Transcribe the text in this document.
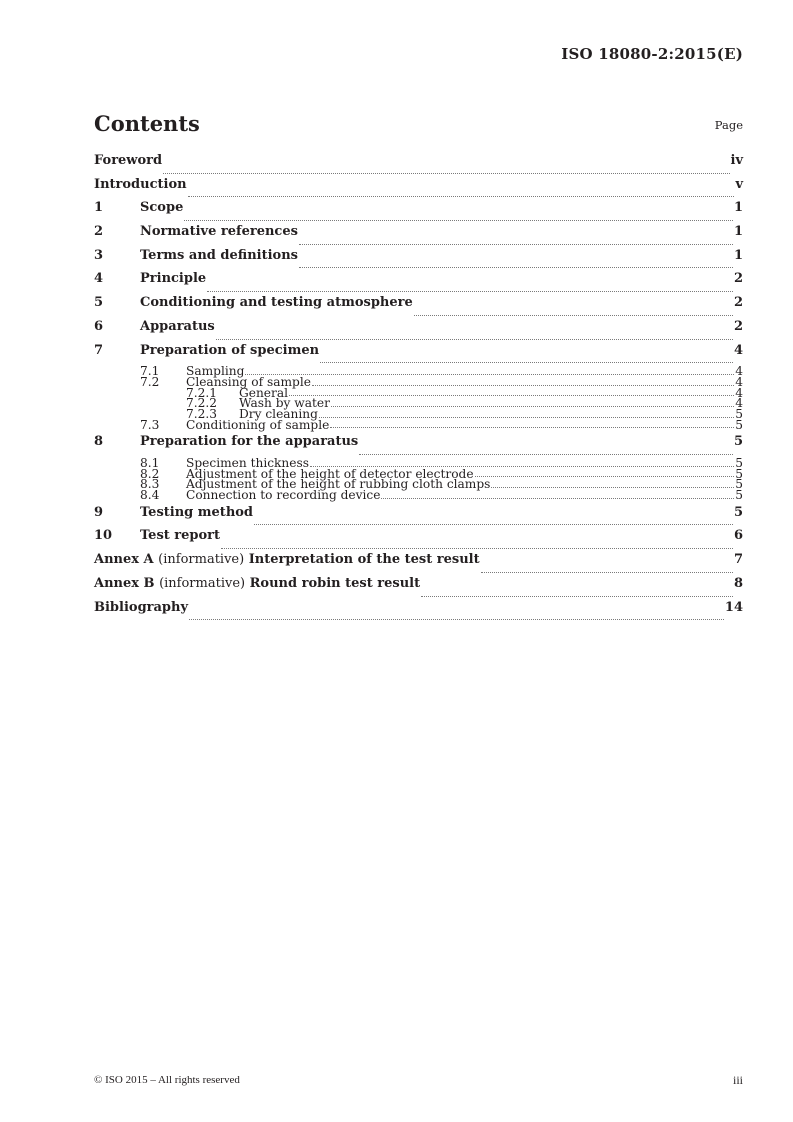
ISO 18080-2:2015(E)
Contents	Page
Foreword	iv
Introduction	v
1	Scope	1
2	Normative references	1
3	Terms and definitions	1
4	Principle	2
5	Conditioning and testing atmosphere	2
6	Apparatus	2
7	Preparation of specimen	4
7.1	Sampling	4
7.2	Cleansing of sample	4
7.2.1	General	4
7.2.2	Wash by water	4
7.2.3	Dry cleaning	5
7.3	Conditioning of sample	5
8	Preparation for the apparatus	5
8.1	Specimen thickness	5
8.2	Adjustment of the height of detector electrode	5
8.3	Adjustment of the height of rubbing cloth clamps	5
8.4	Connection to recording device	5
9	Testing method	5
10	Test report	6
Annex A (informative) Interpretation of the test result	7
Annex B (informative) Round robin test result	8
Bibliography	14
© ISO 2015 – All rights reserved	iii
